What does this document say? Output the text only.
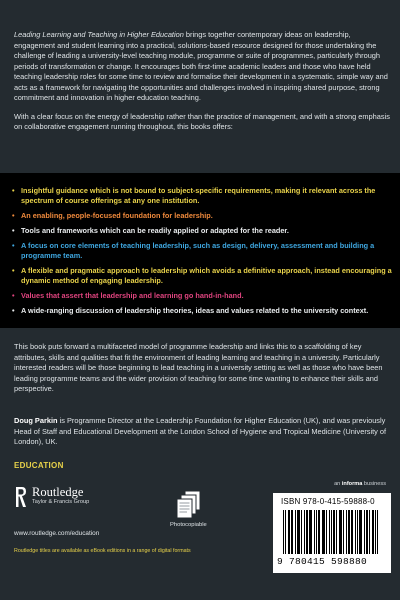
Leading Learning and Teaching in Higher Education brings together contemporary ideas on leadership, engagement and student learning into a practical, solutions-based resource designed for those undertaking the challenge of leading a university-level teaching module, programme or suite of programmes, particularly through periods of transformation or change. It encourages both first-time academic leaders and those who have held teaching leadership roles for some time to review and formalise their development in a systematic, simple way and acts as a framework for navigating the opportunities and challenges involved in inspiring shared purpose, strong commitment and innovation in higher education teaching.

With a clear focus on the energy of leadership rather than the practice of management, and with a strong emphasis on collaborative engagement running throughout, this books offers:

• Insightful guidance which is not bound to subject-specific requirements, making it relevant across the spectrum of course offerings at any one institution.
• An enabling, people-focused foundation for leadership.
• Tools and frameworks which can be readily applied or adapted for the reader.
• A focus on core elements of teaching leadership, such as design, delivery, assessment and building a programme team.
• A flexible and pragmatic approach to leadership which avoids a definitive approach, instead encouraging a dynamic method of engaging leadership.
• Values that assert that leadership and learning go hand-in-hand.
• A wide-ranging discussion of leadership theories, ideas and values related to the university context.

This book puts forward a multifaceted model of programme leadership and links this to a scaffolding of key attributes, skills and qualities that fit the environment of leading learning and teaching in a university. Particularly interested readers will be those beginning to lead teaching in a university setting as well as those who have been leading programme teams and the wider provision of teaching for some time wanting to enhance their skills and perspective.

Doug Parkin is Programme Director at the Leadership Foundation for Higher Education (UK), and was previously Head of Staff and Educational Development at the London School of Hygiene and Tropical Medicine (University of London), UK.
EDUCATION
Routledge
Taylor & Francis Group
www.routledge.com/education
Photocopiable
an informa business
ISBN 978-0-415-59888-0
9 780415 598880
Routledge titles are available as eBook editions in a range of digital formats
